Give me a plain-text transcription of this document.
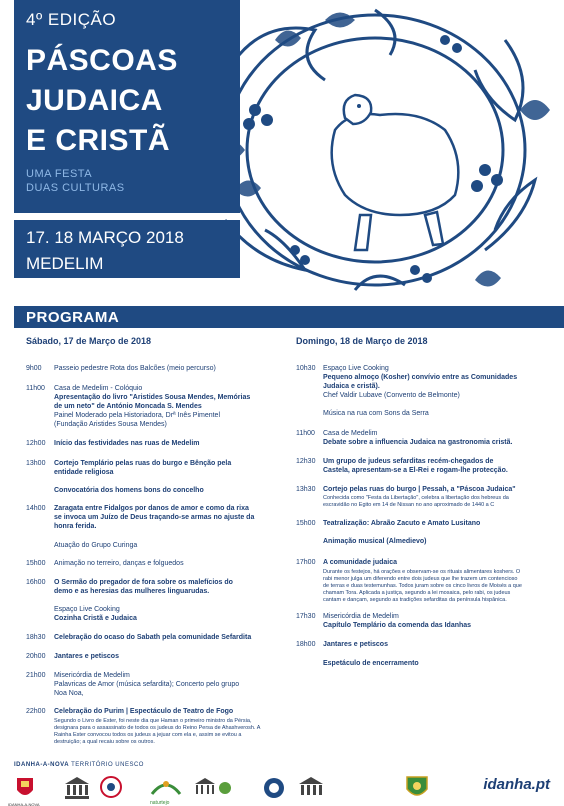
4º EDIÇÃO
PÁSCOAS
JUDAICA
E CRISTÃ
UMA FESTA
DUAS CULTURAS
17. 18 MARÇO 2018
MEDELIM
PROGRAMA
Sábado, 17 de Março de 2018	Domingo, 18 de Março de 2018
9h00 Passeio pedestre Rota dos Balcões (meio percurso)
11h00 Casa de Medelim - Colóquio
Apresentação do livro "Aristides Sousa Mendes, Memórias
de um neto" de António Moncada S. Mendes
Painel Moderado pela Historiadora, Drª Inês Pimentel
(Fundação Aristides Sousa Mendes)
12h00 Início das festividades nas ruas de Medelim
13h00 Cortejo Templário pelas ruas do burgo e Bênção pela
entidade religiosa
Convocatória dos homens bons do concelho
14h00 Zaragata entre Fidalgos por danos de amor e como da rixa
se invoca um Juízo de Deus traçando-se armas no ajuste da
honra ferida.
Atuação do Grupo Curinga
15h00 Animação no terreiro, danças e folguedos
16h00 O Sermão do pregador de fora sobre os malefícios do
demo e as heresias das mulheres linguarudas.
Espaço Live Cooking
Cozinha Cristã e Judaica
18h30 Celebração do ocaso do Sabath pela comunidade Sefardita
20h00 Jantares e petiscos
21h00 Misericórdia de Medelim
Palavricas de Amor (música sefardita); Concerto pelo grupo
Noa Noa,
22h00 Celebração do Purim | Espectáculo de Teatro de Fogo
Segundo o Livro de Ester, foi neste dia que Haman o primeiro ministro da Pérsia,
designara para o assassinato de todos os judeus do Reino Persa de Ahashverosh. A
Rainha Ester convocou todos os judeus a jejuar com ela e, assim se evitou a
destruição; a qual recaiu sobre os outros.
10h30 Espaço Live Cooking
Pequeno almoço (Kosher) convívio entre as Comunidades
Judaica e cristã).
Chef Valdir Lubave (Convento de Belmonte)
Música na rua com Sons da Serra
11h00 Casa de Medelim
Debate sobre a influencia Judaica na gastronomia cristã.
12h30 Um grupo de judeus sefarditas recém-chegados de
Castela, apresentam-se a El-Rei e rogam-lhe protecção.
13h30 Cortejo pelas ruas do burgo | Pessah, a "Páscoa Judaica"
Conhecida como "Festa da Libertação", celebra a libertação dos hebreus da
escravidão no Egito em 14 de Nissan no ano aproximado de 1440 a C
15h00 Teatralização: Abraão Zacuto e Amato Lusitano
Animação musical (Almedievo)
17h00 A comunidade judaica
Durante os festejos, há orações e observam-se os rituais alimentares koshers. O
rabi menor julga um diferendo entre dois judeus que lhe trazem um contencioso
de terras e duas testemunhas. Todos juram sobre os cinco livros de Moisés a que
chamam Tora. Aplicada a justiça, segundo a lei mosaica, pelo rabi, os judeus
cantam e dançam, segundo as tradições sefarditas da península hispânica.
17h30 Misericórdia de Medelim
Capítulo Templário da comenda das Idanhas
18h00 Jantares e petiscos
Espetáculo de encerramento
IDANHA-A-NOVA TERRITÓRIO UNESCO
IDANHA-A-NOVA	naturtejo
idanha.pt
